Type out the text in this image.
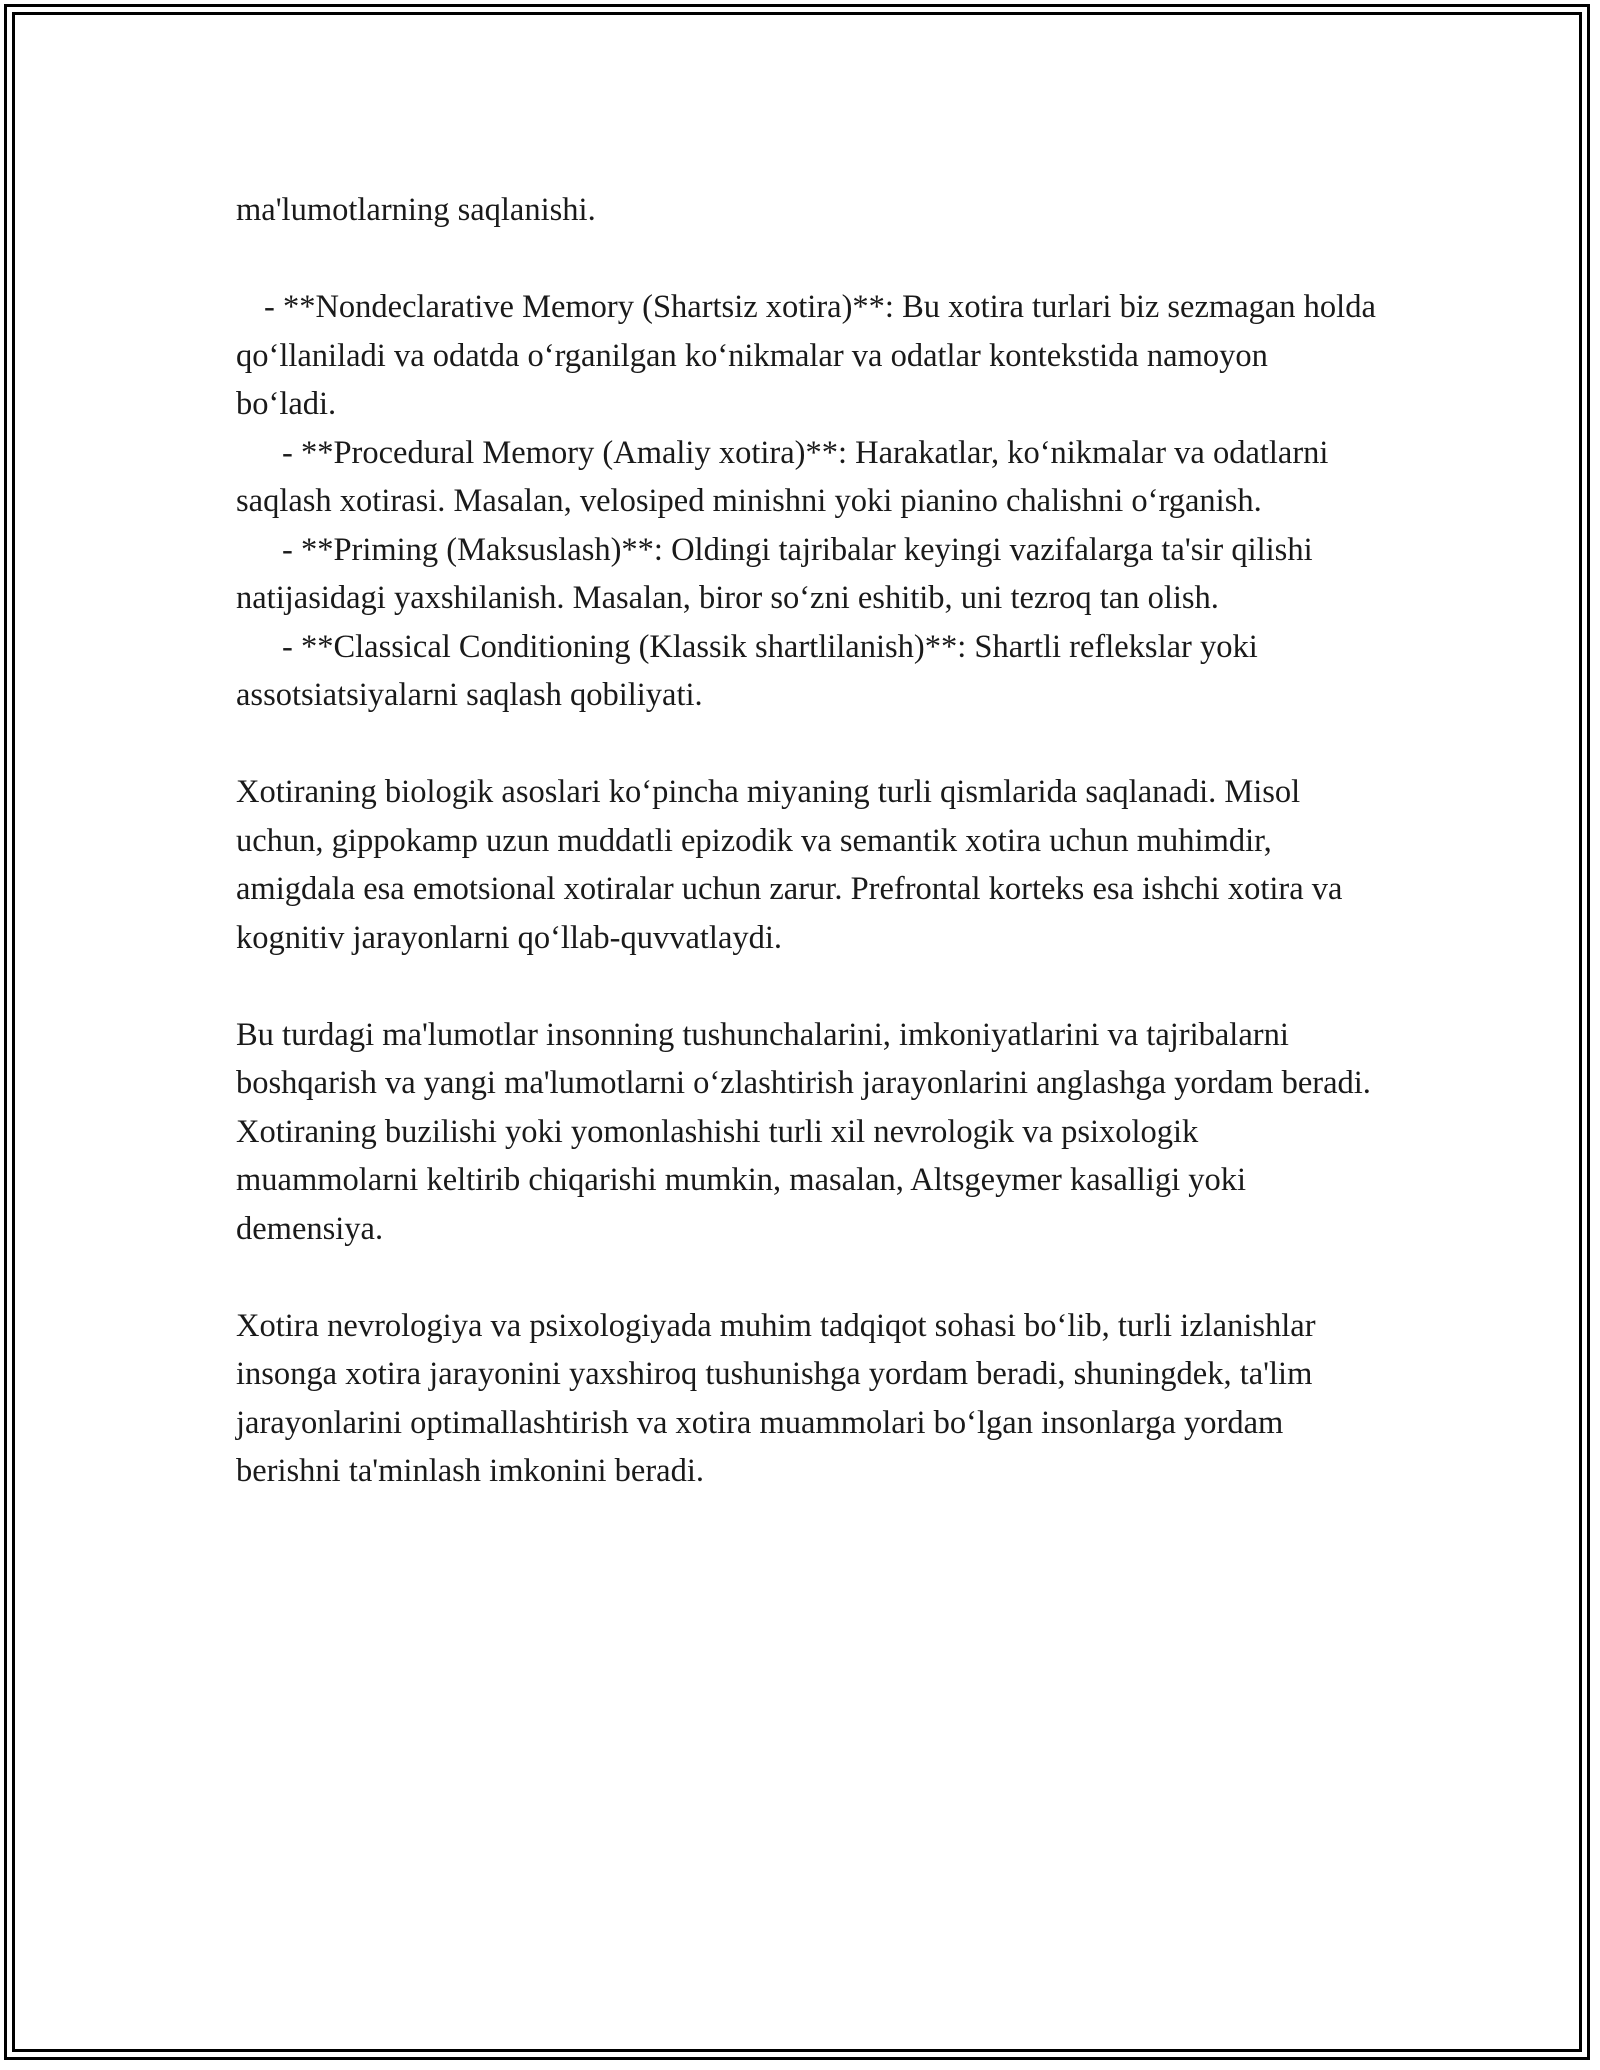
ma'lumotlarning saqlanishi.

- **Nondeclarative Memory (Shartsiz xotira)**: Bu xotira turlari biz sezmagan holda qo‘llaniladi va odatda o‘rganilgan ko‘nikmalar va odatlar kontekstida namoyon bo‘ladi.

- **Procedural Memory (Amaliy xotira)**: Harakatlar, ko‘nikmalar va odatlarni saqlash xotirasi. Masalan, velosiped minishni yoki pianino chalishni o‘rganish.

- **Priming (Maksuslash)**: Oldingi tajribalar keyingi vazifalarga ta'sir qilishi natijasidagi yaxshilanish. Masalan, biror so‘zni eshitib, uni tezroq tan olish.

- **Classical Conditioning (Klassik shartlilanish)**: Shartli reflekslar yoki assotsiatsiyalarni saqlash qobiliyati.

Xotiraning biologik asoslari ko‘pincha miyaning turli qismlarida saqlanadi. Misol uchun, gippokamp uzun muddatli epizodik va semantik xotira uchun muhimdir, amigdala esa emotsional xotiralar uchun zarur. Prefrontal korteks esa ishchi xotira va kognitiv jarayonlarni qo‘llab-quvvatlaydi.

Bu turdagi ma'lumotlar insonning tushunchalarini, imkoniyatlarini va tajribalarni boshqarish va yangi ma'lumotlarni o‘zlashtirish jarayonlarini anglashga yordam beradi. Xotiraning buzilishi yoki yomonlashishi turli xil nevrologik va psixologik muammolarni keltirib chiqarishi mumkin, masalan, Altsgeymer kasalligi yoki demensiya.

Xotira nevrologiya va psixologiyada muhim tadqiqot sohasi bo‘lib, turli izlanishlar insonga xotira jarayonini yaxshiroq tushunishga yordam beradi, shuningdek, ta'lim jarayonlarini optimallashtirish va xotira muammolari bo‘lgan insonlarga yordam berishni ta'minlash imkonini beradi.
